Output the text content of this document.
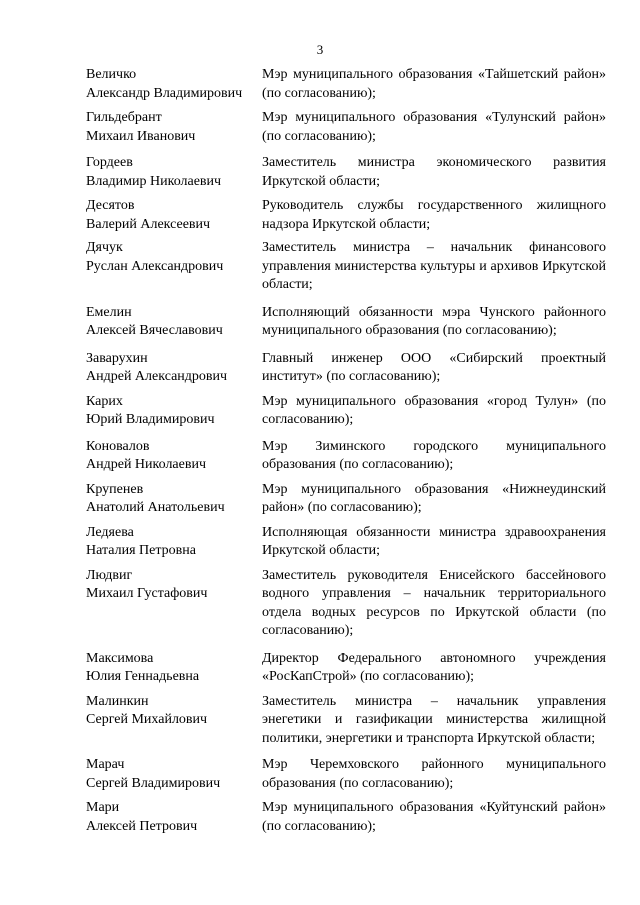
3
Величко
Александр Владимирович
Мэр муниципального образования «Тайшетский район» (по согласованию);
Гильдебрант
Михаил Иванович
Мэр муниципального образования «Тулунский район» (по согласованию);
Гордеев
Владимир Николаевич
Заместитель министра экономического развития Иркутской области;
Десятов
Валерий Алексеевич
Руководитель службы государственного жилищного надзора Иркутской области;
Дячук
Руслан Александрович
Заместитель министра – начальник финансового управления министерства культуры и архивов Иркутской области;
Емелин
Алексей Вячеславович
Исполняющий обязанности мэра Чунского районного муниципального образования (по согласованию);
Заварухин
Андрей Александрович
Главный инженер ООО «Сибирский проектный институт» (по согласованию);
Карих
Юрий Владимирович
Мэр муниципального образования «город Тулун» (по согласованию);
Коновалов
Андрей Николаевич
Мэр Зиминского городского муниципального образования (по согласованию);
Крупенев
Анатолий Анатольевич
Мэр муниципального образования «Нижнеудинский район» (по согласованию);
Ледяева
Наталия Петровна
Исполняющая обязанности министра здравоохранения Иркутской области;
Людвиг
Михаил Густафович
Заместитель руководителя Енисейского бассейнового водного управления – начальник территориального отдела водных ресурсов по Иркутской области (по согласованию);
Максимова
Юлия Геннадьевна
Директор Федерального автономного учреждения «РосКапСтрой» (по согласованию);
Малинкин
Сергей Михайлович
Заместитель министра – начальник управления энегетики и газификации министерства жилищной политики, энергетики и транспорта Иркутской области;
Марач
Сергей Владимирович
Мэр Черемховского районного муниципального образования (по согласованию);
Мари
Алексей Петрович
Мэр муниципального образования «Куйтунский район» (по согласованию);
